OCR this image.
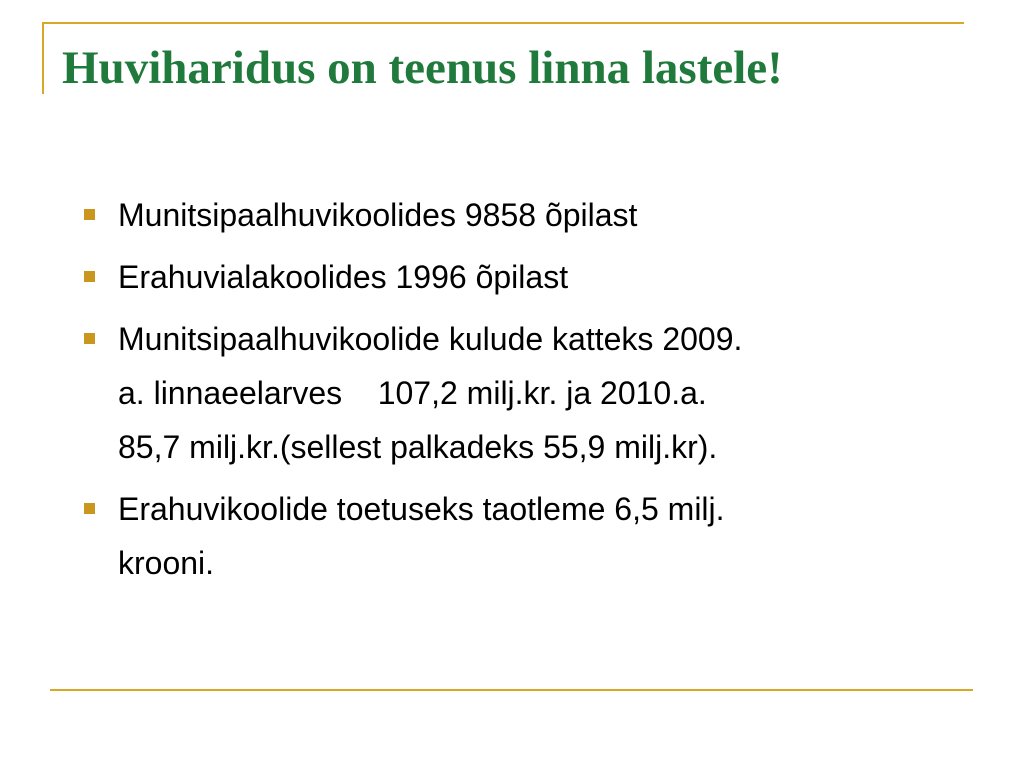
Huviharidus on teenus linna lastele!
Munitsipaalhuvikoolides 9858 õpilast
Erahuvialakoolides 1996 õpilast
Munitsipaalhuvikoolide kulude katteks 2009.
a. linnaeelarves    107,2 milj.kr. ja 2010.a.
85,7 milj.kr.(sellest palkadeks 55,9 milj.kr).
Erahuvikoolide toetuseks taotleme 6,5 milj.
krooni.
